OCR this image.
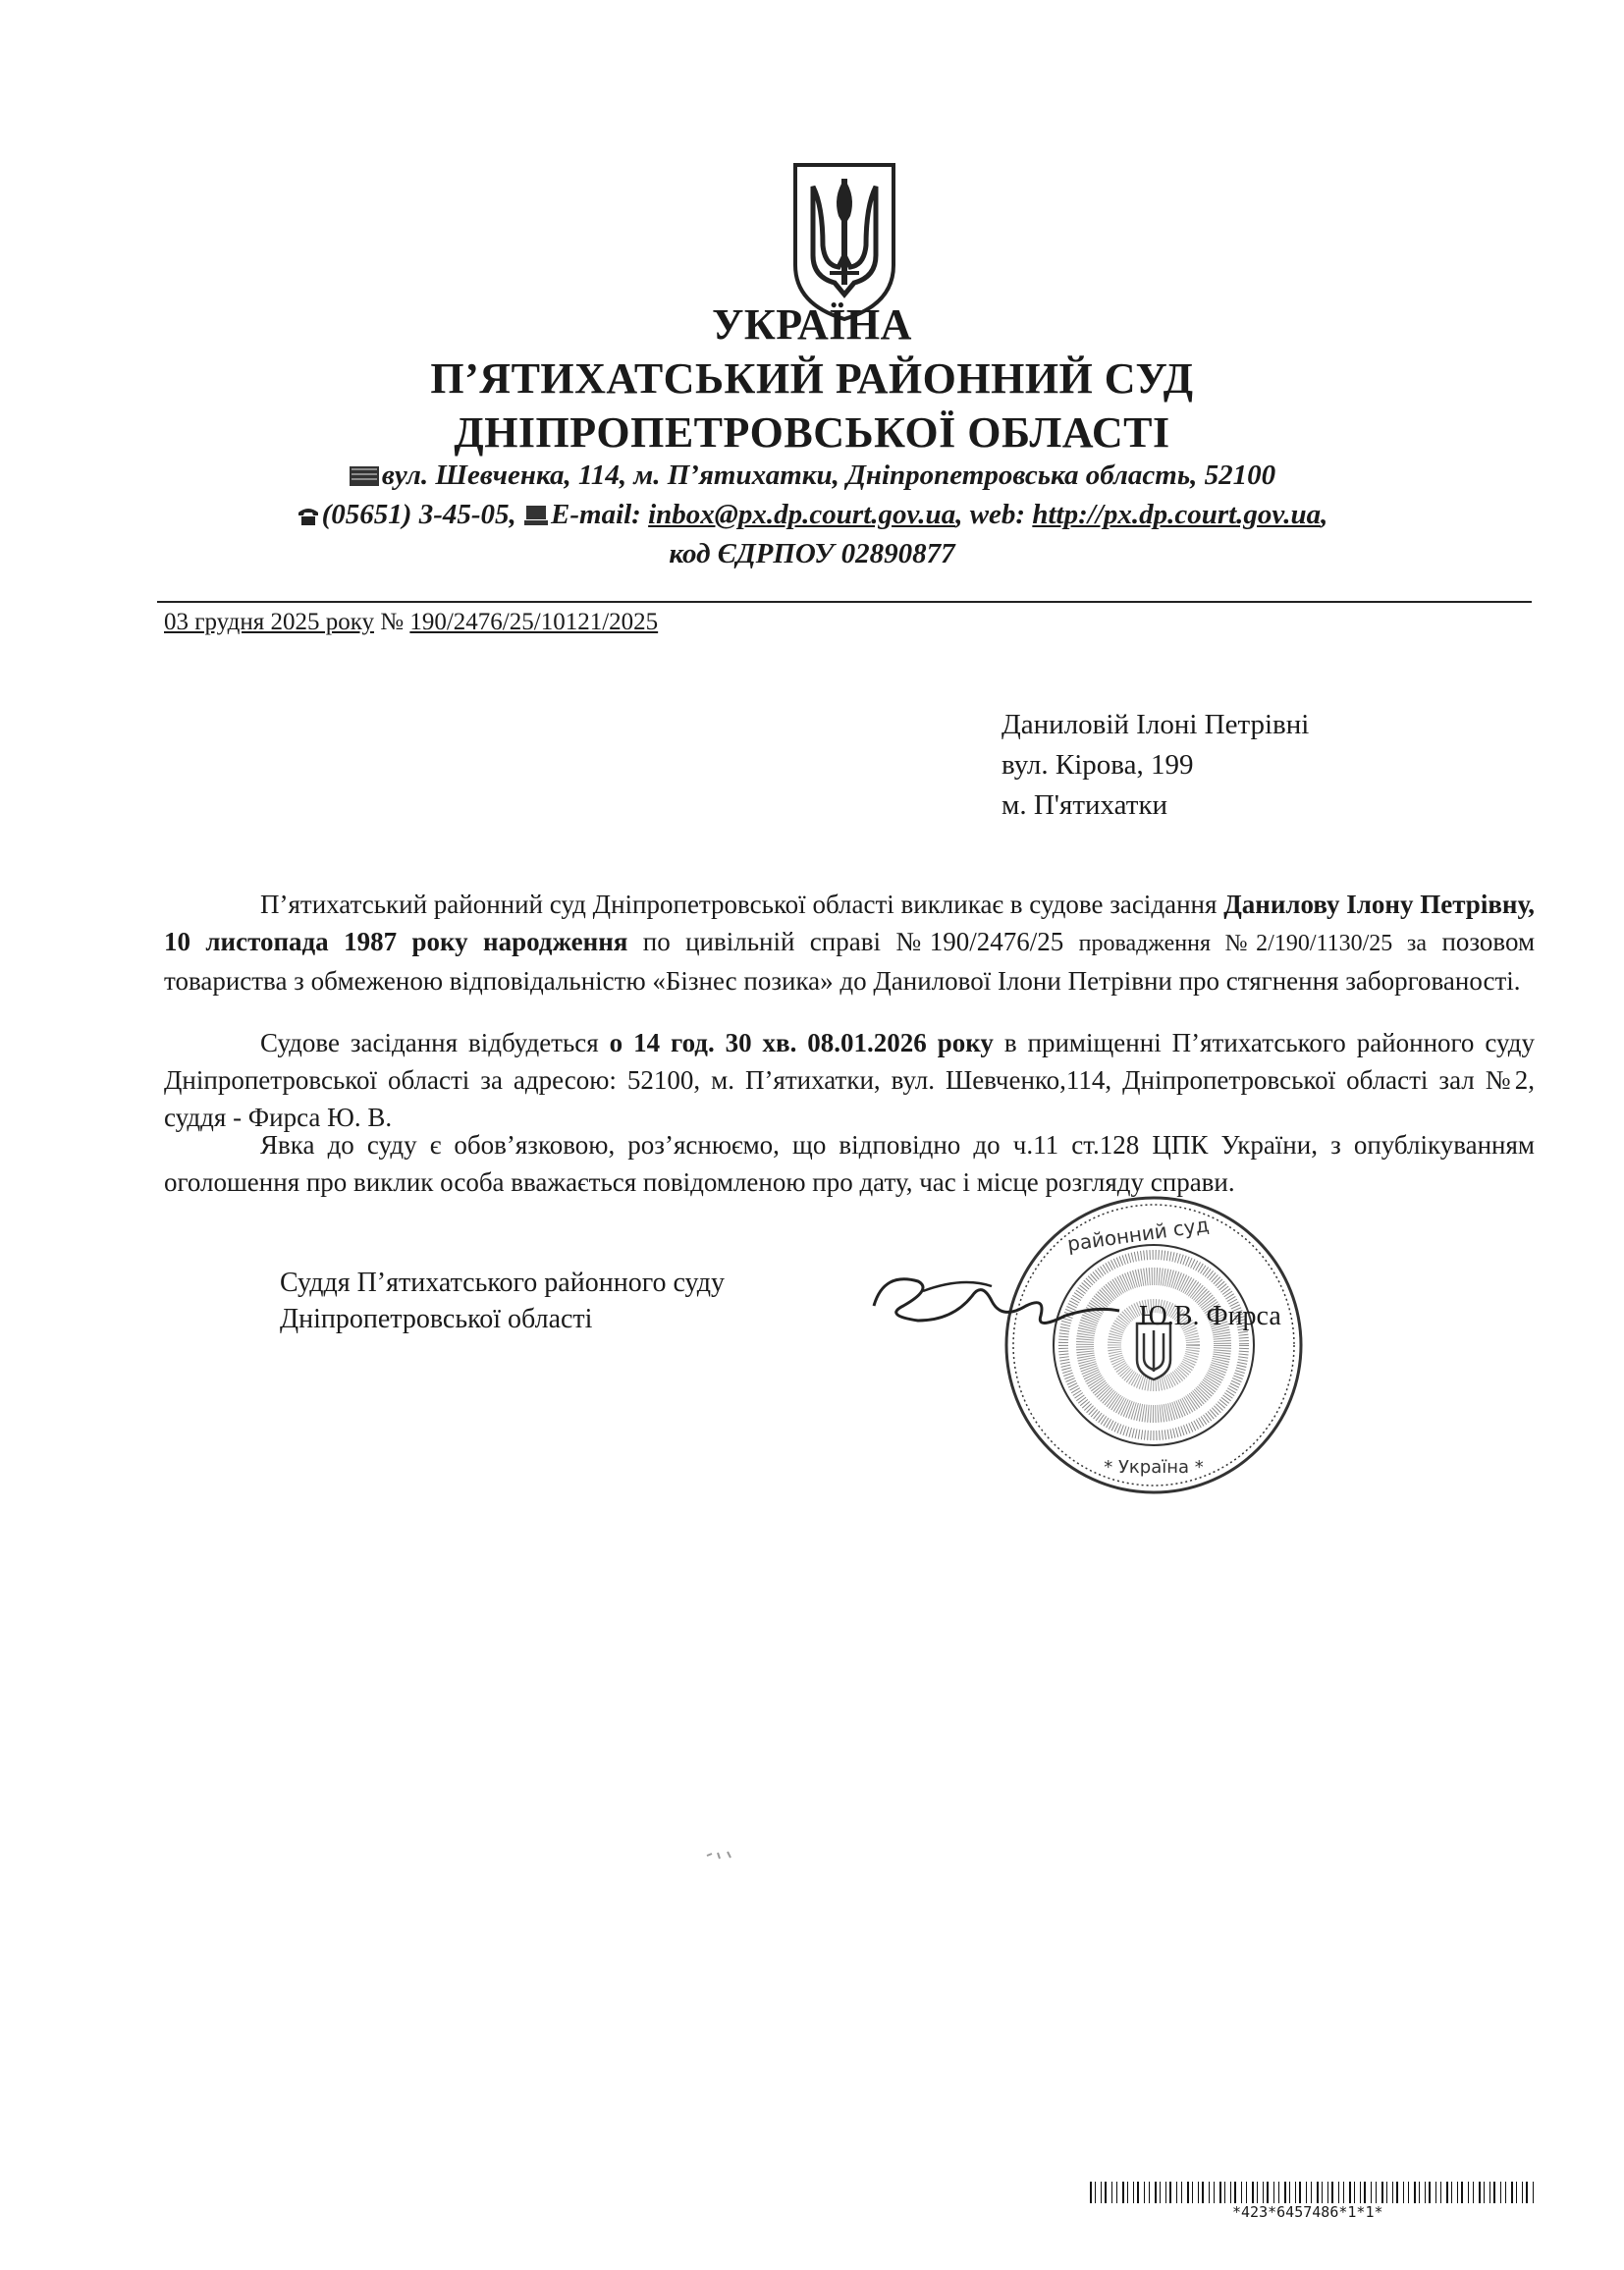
УКРАЇНА
П’ЯТИХАТСЬКИЙ РАЙОННИЙ СУД
ДНІПРОПЕТРОВСЬКОЇ ОБЛАСТІ
вул. Шевченка, 114, м. П’ятихатки, Дніпропетровська область, 52100
(05651) 3-45-05, E-mail: inbox@px.dp.court.gov.ua, web: http://px.dp.court.gov.ua,
код ЄДРПОУ 02890877
03 грудня 2025 року № 190/2476/25/10121/2025
Даниловій Ілоні Петрівні
вул. Кірова, 199
м. П'ятихатки
П’ятихатський районний суд Дніпропетровської області викликає в судове засідання Данилову Ілону Петрівну, 10 листопада 1987 року народження по цивільній справі №190/2476/25 провадження №2/190/1130/25 за позовом товариства з обмеженою відповідальністю «Бізнес позика» до Данилової Ілони Петрівни про стягнення заборгованості.
Судове засідання відбудеться о 14 год. 30 хв. 08.01.2026 року в приміщенні П’ятихатського районного суду Дніпропетровської області за адресою: 52100, м. П’ятихатки, вул. Шевченко,114, Дніпропетровської області зал №2, суддя - Фирса Ю. В.
Явка до суду є обов’язковою, роз’яснюємо, що відповідно до ч.11 ст.128 ЦПК України, з опублікуванням оголошення про виклик особа вважається повідомленою про дату, час і місце розгляду справи.
Суддя П’ятихатського районного суду
Дніпропетровської області
районний суд
* Україна *
Ю.В. Фирса
*423*6457486*1*1*
